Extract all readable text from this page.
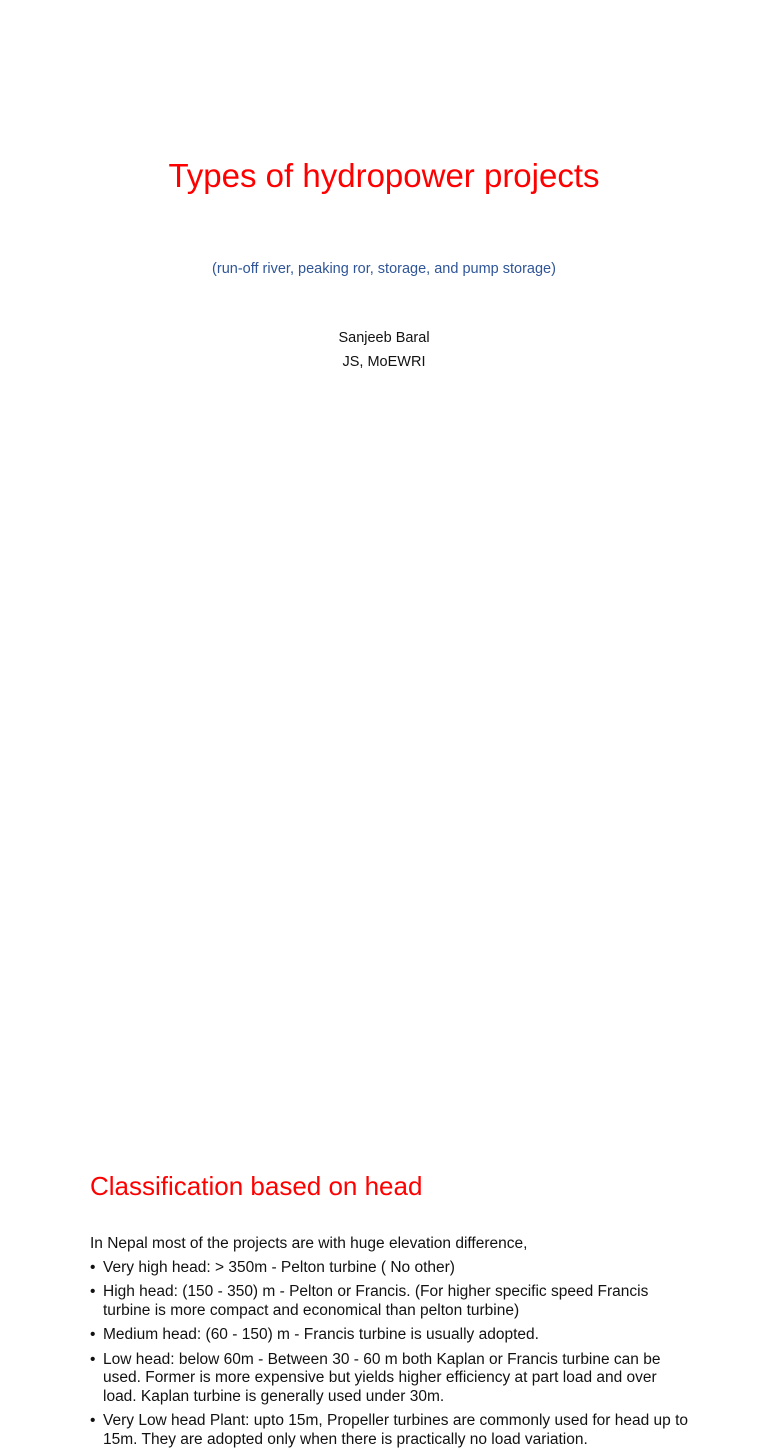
Types of hydropower projects

(run-off river, peaking ror, storage, and pump storage)

Sanjeeb Baral
JS, MoEWRI
Classification based on head

In Nepal most of the projects are with huge elevation difference,

• Very high head: > 350m - Pelton turbine ( No other)
• High head: (150 - 350) m - Pelton or Francis. (For higher specific speed Francis turbine is more compact and economical than pelton turbine)
• Medium head: (60 - 150) m - Francis turbine is usually adopted.
• Low head: below 60m - Between 30 - 60 m both Kaplan or Francis turbine can be used. Former is more expensive but yields higher efficiency at part load and over load. Kaplan turbine is generally used under 30m.
• Very Low head Plant: upto 15m, Propeller turbines are commonly used for head up to 15m. They are adopted only when there is practically no load variation.
